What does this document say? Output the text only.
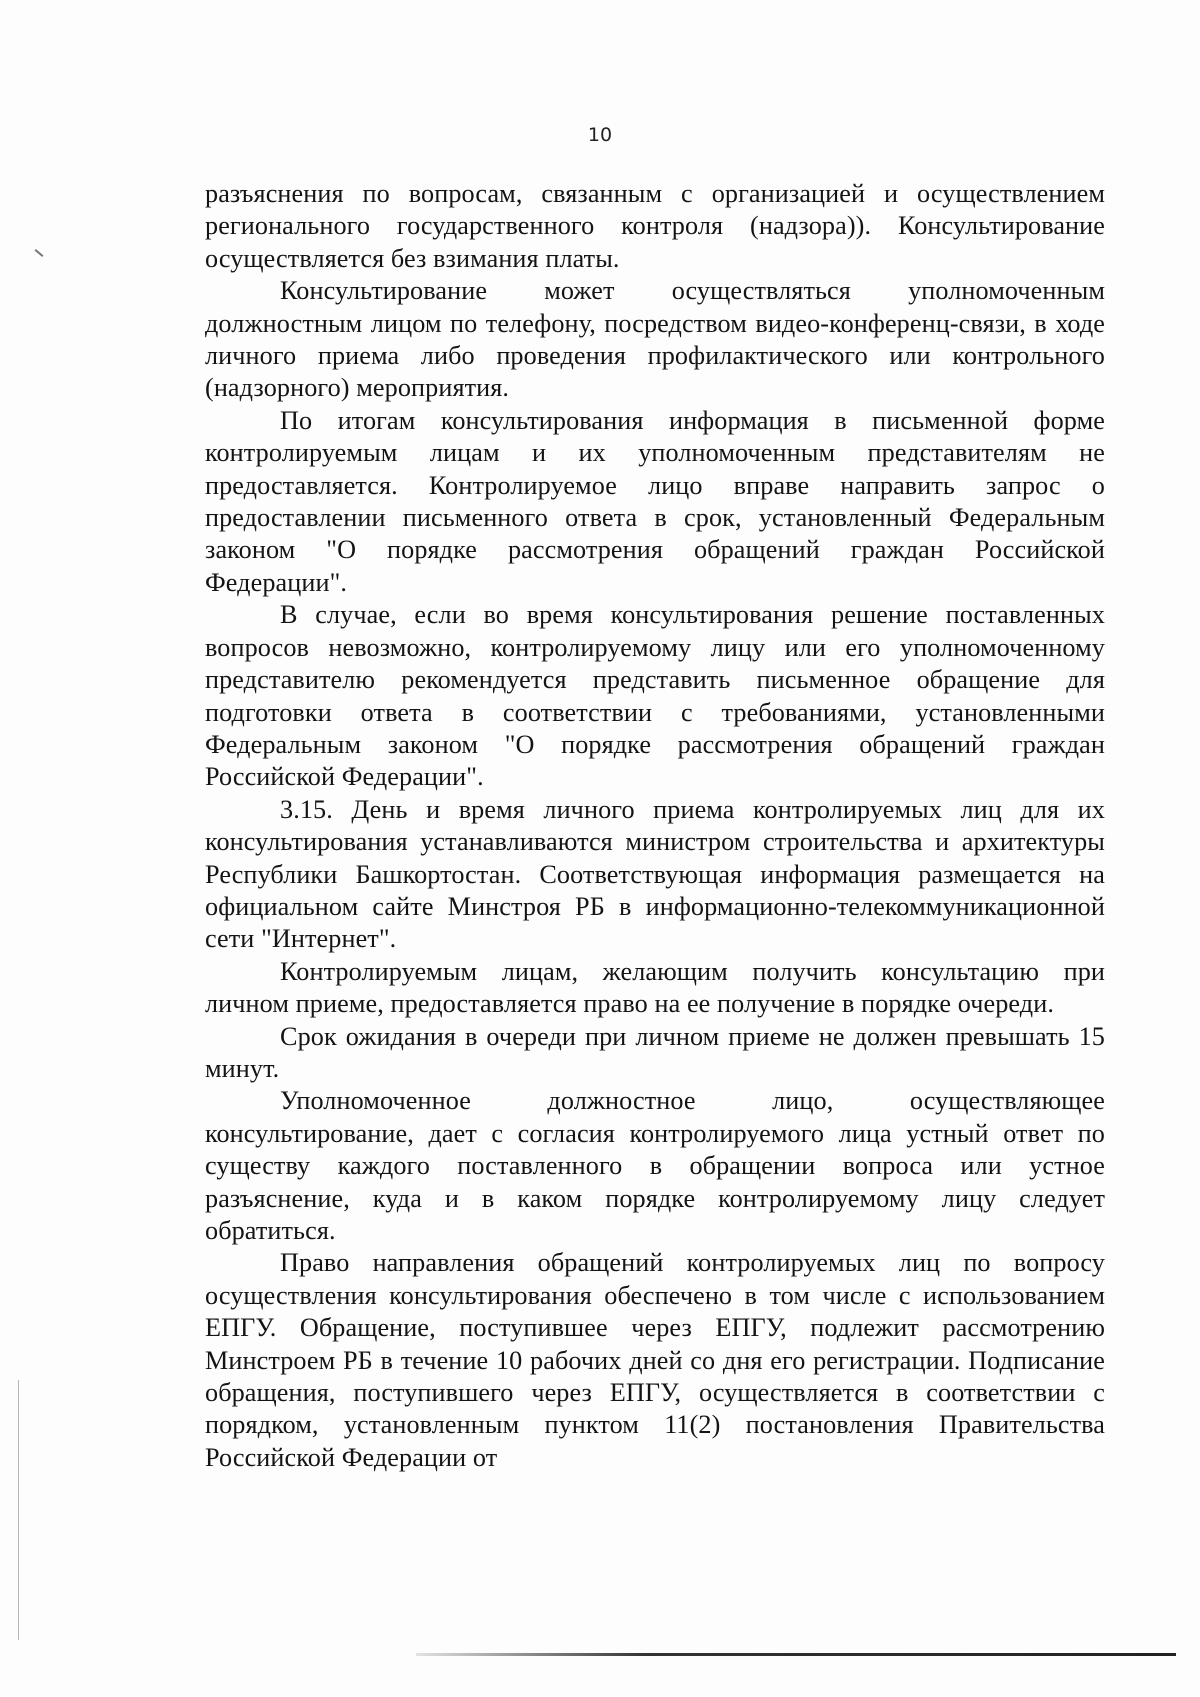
10

разъяснения по вопросам, связанным с организацией и осуществлением регионального государственного контроля (надзора)). Консультирование осуществляется без взимания платы.

Консультирование может осуществляться уполномоченным должностным лицом по телефону, посредством видео-конференц-связи, в ходе личного приема либо проведения профилактического или контрольного (надзорного) мероприятия.

По итогам консультирования информация в письменной форме контролируемым лицам и их уполномоченным представителям не предоставляется. Контролируемое лицо вправе направить запрос о предоставлении письменного ответа в срок, установленный Федеральным законом "О порядке рассмотрения обращений граждан Российской Федерации".

В случае, если во время консультирования решение поставленных вопросов невозможно, контролируемому лицу или его уполномоченному представителю рекомендуется представить письменное обращение для подготовки ответа в соответствии с требованиями, установленными Федеральным законом "О порядке рассмотрения обращений граждан Российской Федерации".

3.15. День и время личного приема контролируемых лиц для их консультирования устанавливаются министром строительства и архитектуры Республики Башкортостан. Соответствующая информация размещается на официальном сайте Минстроя РБ в информационно-телекоммуникационной сети "Интернет".

Контролируемым лицам, желающим получить консультацию при личном приеме, предоставляется право на ее получение в порядке очереди.

Срок ожидания в очереди при личном приеме не должен превышать 15 минут.

Уполномоченное должностное лицо, осуществляющее консультирование, дает с согласия контролируемого лица устный ответ по существу каждого поставленного в обращении вопроса или устное разъяснение, куда и в каком порядке контролируемому лицу следует обратиться.

Право направления обращений контролируемых лиц по вопросу осуществления консультирования обеспечено в том числе с использованием ЕПГУ. Обращение, поступившее через ЕПГУ, подлежит рассмотрению Минстроем РБ в течение 10 рабочих дней со дня его регистрации. Подписание обращения, поступившего через ЕПГУ, осуществляется в соответствии с порядком, установленным пунктом 11(2) постановления Правительства Российской Федерации от
